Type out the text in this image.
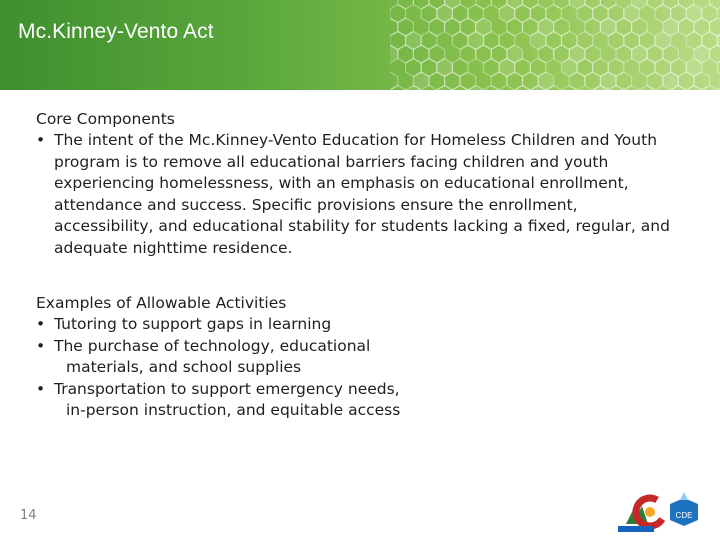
Mc.Kinney-Vento Act
Core Components
• The intent of the Mc.Kinney-Vento Education for Homeless Children and Youth program is to remove all educational barriers facing children and youth experiencing homelessness, with an emphasis on educational enrollment, attendance and success. Specific provisions ensure the enrollment, accessibility, and educational stability for students lacking a fixed, regular, and adequate nighttime residence.
Examples of Allowable Activities
• Tutoring to support gaps in learning
• The purchase of technology, educational
materials, and school supplies
• Transportation to support emergency needs,
in-person instruction, and equitable access
14	CDE
